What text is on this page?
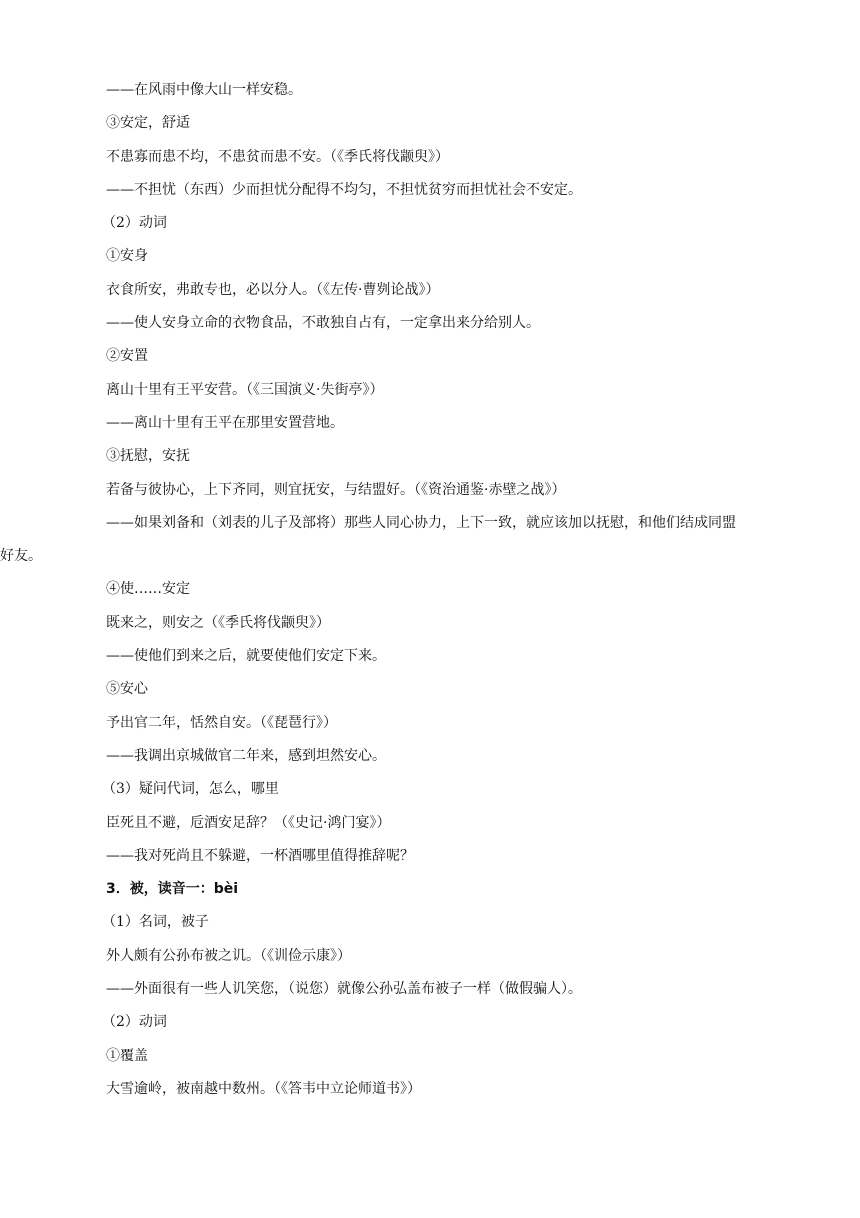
——在风雨中像大山一样安稳。
③安定，舒适
不患寡而患不均，不患贫而患不安。（《季氏将伐颛臾》）
——不担忧（东西）少而担忧分配得不均匀，不担忧贫穷而担忧社会不安定。
（2）动词
①安身
衣食所安，弗敢专也，必以分人。（《左传·曹刿论战》）
——使人安身立命的衣物食品，不敢独自占有，一定拿出来分给别人。
②安置
离山十里有王平安营。（《三国演义·失街亭》）
——离山十里有王平在那里安置营地。
③抚慰，安抚
若备与彼协心，上下齐同，则宜抚安，与结盟好。（《资治通鉴·赤壁之战》）
——如果刘备和（刘表的儿子及部将）那些人同心协力，上下一致，就应该加以抚慰，和他们结成同盟
好友。
④使……安定
既来之，则安之（《季氏将伐颛臾》）
——使他们到来之后，就要使他们安定下来。
⑤安心
予出官二年，恬然自安。（《琵琶行》）
——我调出京城做官二年来，感到坦然安心。
（3）疑问代词，怎么，哪里
臣死且不避，卮酒安足辞？（《史记·鸿门宴》）
——我对死尚且不躲避，一杯酒哪里值得推辞呢？
3．被，读音一：bèi
（1）名词，被子
外人颇有公孙布被之讥。（《训俭示康》）
——外面很有一些人讥笑您，（说您）就像公孙弘盖布被子一样（做假骗人）。
（2）动词
①覆盖
大雪逾岭，被南越中数州。（《答韦中立论师道书》）
